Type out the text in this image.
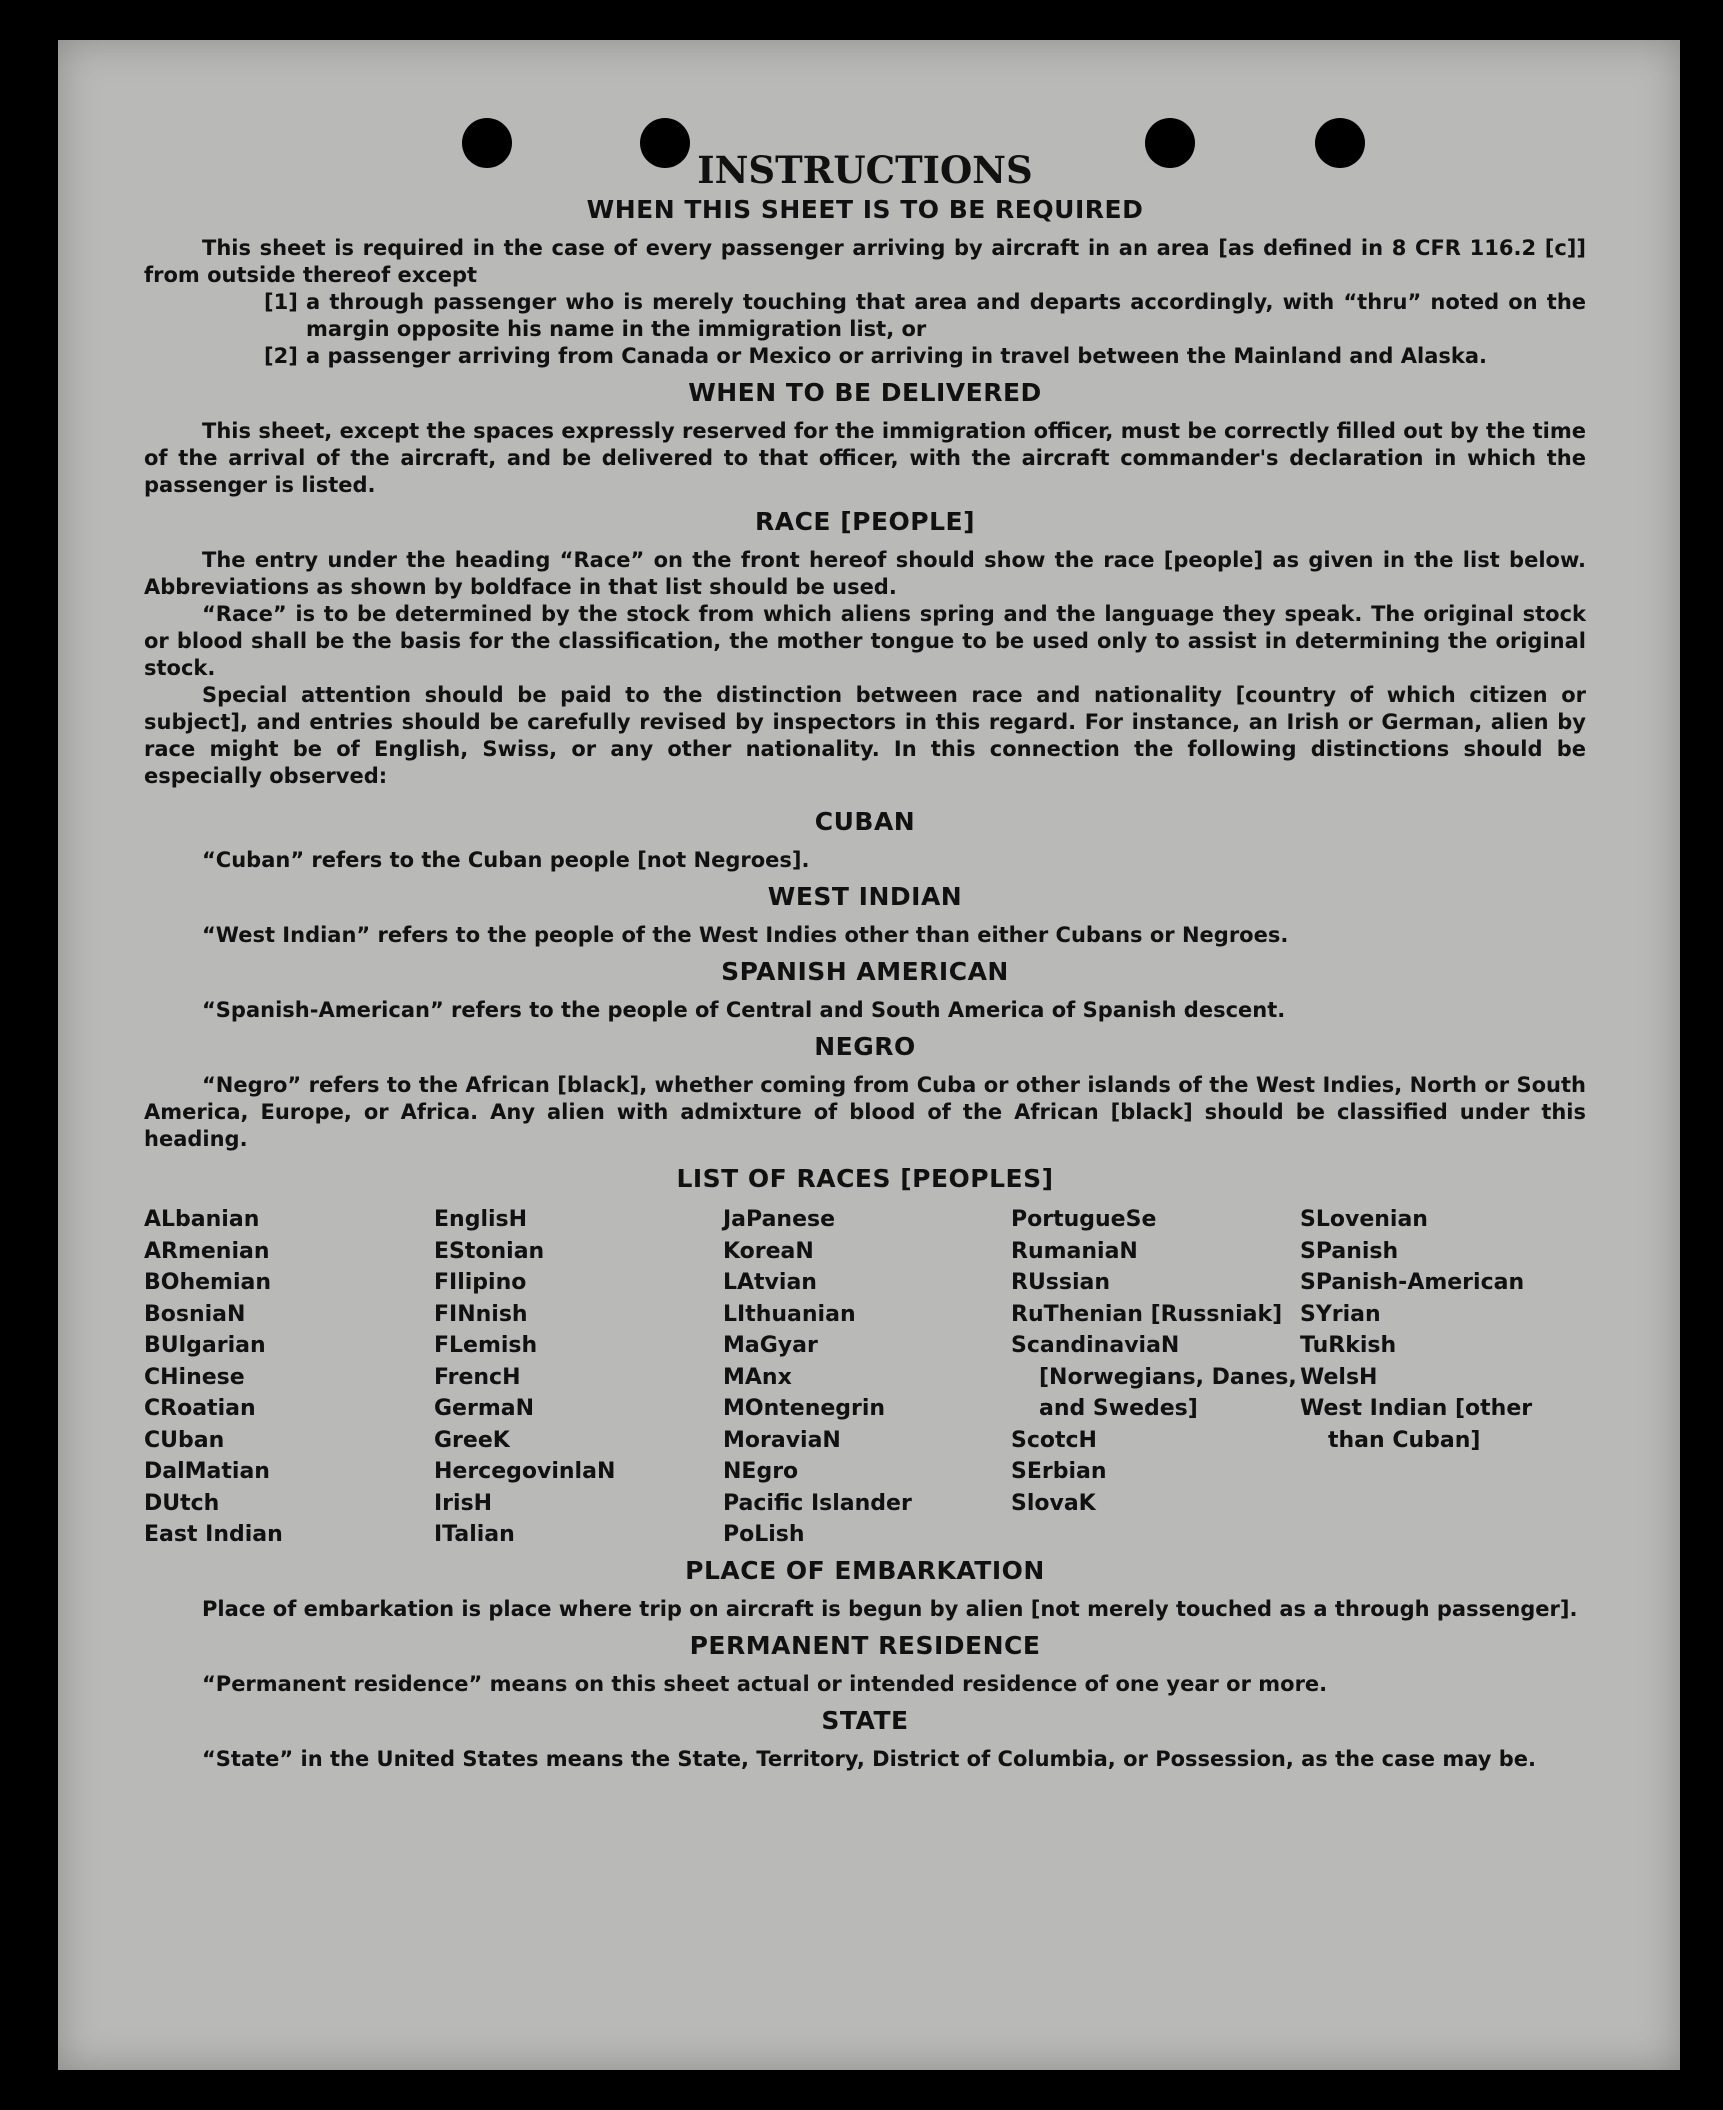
INSTRUCTIONS
WHEN THIS SHEET IS TO BE REQUIRED

This sheet is required in the case of every passenger arriving by aircraft in an area [as defined in 8 CFR 116.2 [c]] from outside thereof except

[1] a through passenger who is merely touching that area and departs accordingly, with “thru” noted on the margin opposite his name in the immigration list, or
[2] a passenger arriving from Canada or Mexico or arriving in travel between the Mainland and Alaska.
WHEN TO BE DELIVERED

This sheet, except the spaces expressly reserved for the immigration officer, must be correctly filled out by the time of the arrival of the aircraft, and be delivered to that officer, with the aircraft commander's declaration in which the passenger is listed.

RACE [PEOPLE]

The entry under the heading “Race” on the front hereof should show the race [people] as given in the list below. Abbreviations as shown by boldface in that list should be used.

“Race” is to be determined by the stock from which aliens spring and the language they speak. The original stock or blood shall be the basis for the classification, the mother tongue to be used only to assist in determining the original stock.

Special attention should be paid to the distinction between race and nationality [country of which citizen or subject], and entries should be carefully revised by inspectors in this regard. For instance, an Irish or German, alien by race might be of English, Swiss, or any other nationality. In this connection the following distinctions should be especially observed:

CUBAN

“Cuban” refers to the Cuban people [not Negroes].

WEST INDIAN

“West Indian” refers to the people of the West Indies other than either Cubans or Negroes.

SPANISH AMERICAN

“Spanish-American” refers to the people of Central and South America of Spanish descent.

NEGRO

“Negro” refers to the African [black], whether coming from Cuba or other islands of the West Indies, North or South America, Europe, or Africa. Any alien with admixture of blood of the African [black] should be classified under this heading.

LIST OF RACES [PEOPLES]
ALbanian
ARmenian
BOhemian
BosniaN
BUlgarian
CHinese
CRoatian
CUban
DalMatian
DUtch
East Indian
EnglisH
EStonian
FIlipino
FINnish
FLemish
FrencH
GermaN
GreeK
HercegovinlaN
IrisH
ITalian
JaPanese
KoreaN
LAtvian
LIthuanian
MaGyar
MAnx
MOntenegrin
MoraviaN
NEgro
Pacific Islander
PoLish
PortugueSe
RumaniaN
RUssian
RuThenian [Russniak]
ScandinaviaN [Norwegians, Danes, and Swedes]
ScotcH
SErbian
SlovaK
SLovenian
SPanish
SPanish-American
SYrian
TuRkish
WelsH
West Indian [other than Cuban]
PLACE OF EMBARKATION

Place of embarkation is place where trip on aircraft is begun by alien [not merely touched as a through passenger].

PERMANENT RESIDENCE

“Permanent residence” means on this sheet actual or intended residence of one year or more.

STATE

“State” in the United States means the State, Territory, District of Columbia, or Possession, as the case may be.
